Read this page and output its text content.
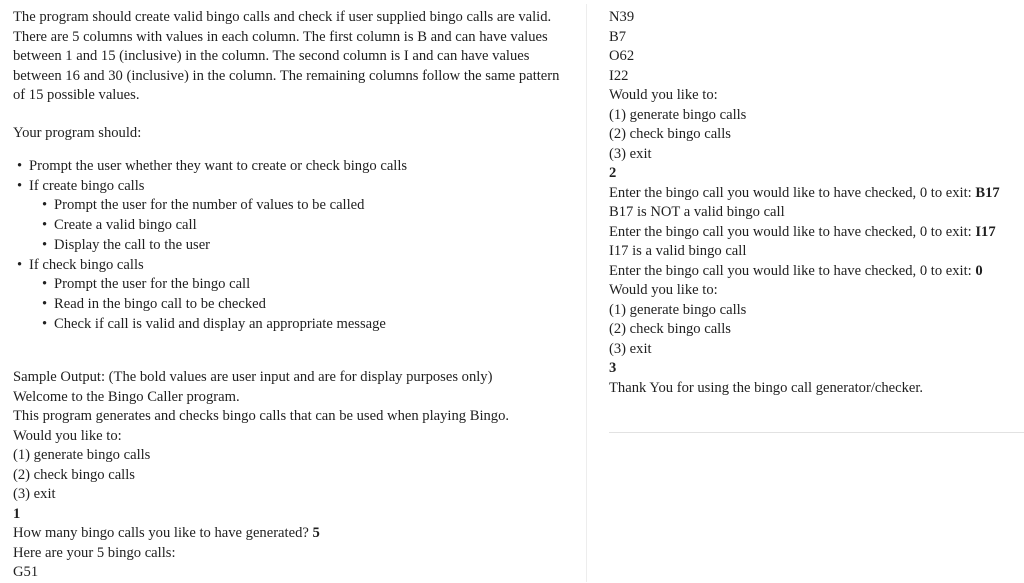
The program should create valid bingo calls and check if user supplied bingo calls are valid. There are 5 columns with values in each column. The first column is B and can have values between 1 and 15 (inclusive) in the column. The second column is I and can have values between 16 and 30 (inclusive) in the column. The remaining columns follow the same pattern of 15 possible values.

Your program should:

• Prompt the user whether they want to create or check bingo calls
• If create bingo calls
• Prompt the user for the number of values to be called
• Create a valid bingo call
• Display the call to the user
• If check bingo calls
• Prompt the user for the bingo call
• Read in the bingo call to be checked
• Check if call is valid and display an appropriate message

Sample Output: (The bold values are user input and are for display purposes only)

Welcome to the Bingo Caller program.

This program generates and checks bingo calls that can be used when playing Bingo.

Would you like to:

(1) generate bingo calls

(2) check bingo calls

(3) exit

1

How many bingo calls you like to have generated? 5

Here are your 5 bingo calls:

G51

N39

B7

O62

I22

Would you like to:

(1) generate bingo calls

(2) check bingo calls

(3) exit

2

Enter the bingo call you would like to have checked, 0 to exit: B17

B17 is NOT a valid bingo call

Enter the bingo call you would like to have checked, 0 to exit: I17

I17 is a valid bingo call

Enter the bingo call you would like to have checked, 0 to exit: 0

Would you like to:

(1) generate bingo calls

(2) check bingo calls

(3) exit

3

Thank You for using the bingo call generator/checker.
